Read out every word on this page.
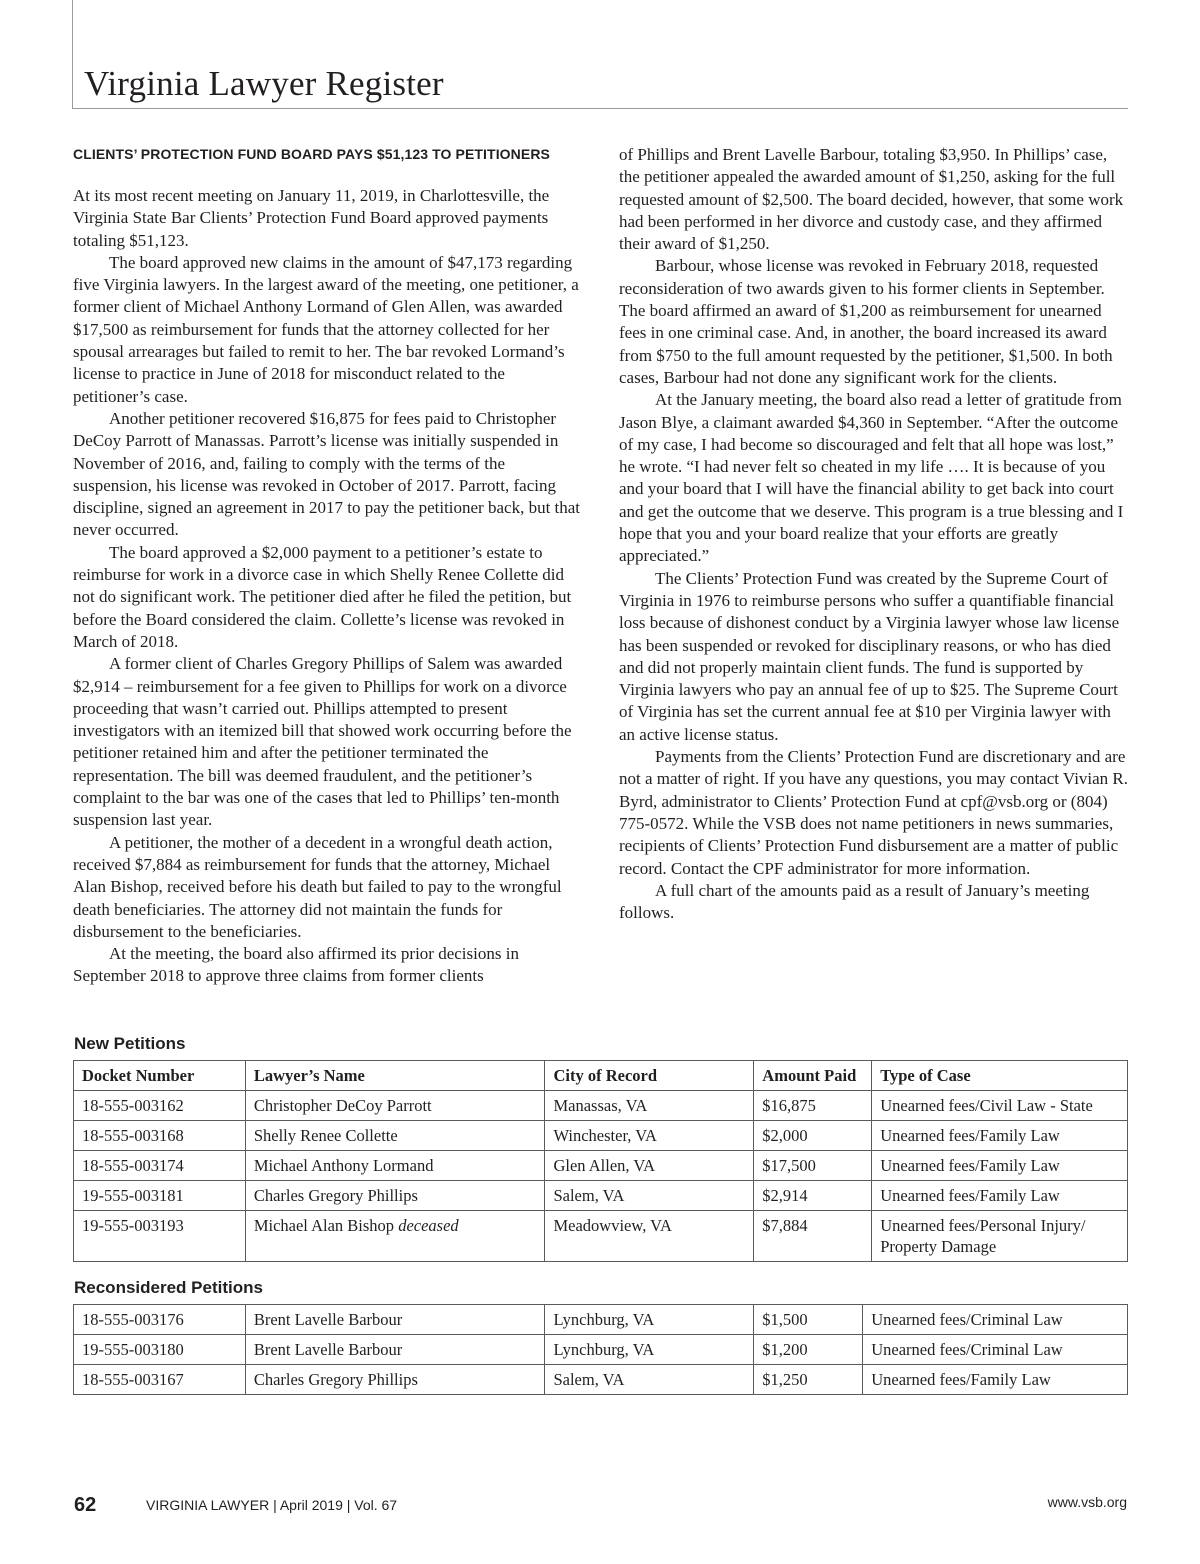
Virginia Lawyer Register
CLIENTS’ PROTECTION FUND BOARD PAYS $51,123 TO PETITIONERS

At its most recent meeting on January 11, 2019, in Charlottesville, the Virginia State Bar Clients’ Protection Fund Board approved payments totaling $51,123.

The board approved new claims in the amount of $47,173 regarding five Virginia lawyers. In the largest award of the meeting, one petitioner, a former client of Michael Anthony Lormand of Glen Allen, was awarded $17,500 as reimbursement for funds that the attorney collected for her spousal arrearages but failed to remit to her. The bar revoked Lormand’s license to practice in June of 2018 for misconduct related to the petitioner’s case.

Another petitioner recovered $16,875 for fees paid to Christopher DeCoy Parrott of Manassas. Parrott’s license was initially suspended in November of 2016, and, failing to comply with the terms of the suspension, his license was revoked in October of 2017. Parrott, facing discipline, signed an agreement in 2017 to pay the petitioner back, but that never occurred.

The board approved a $2,000 payment to a petitioner’s estate to reimburse for work in a divorce case in which Shelly Renee Collette did not do significant work. The petitioner died after he filed the petition, but before the Board considered the claim. Collette’s license was revoked in March of 2018.

A former client of Charles Gregory Phillips of Salem was awarded $2,914 – reimbursement for a fee given to Phillips for work on a divorce proceeding that wasn’t carried out. Phillips attempted to present investigators with an itemized bill that showed work occurring before the petitioner retained him and after the petitioner terminated the representation. The bill was deemed fraudulent, and the petitioner’s complaint to the bar was one of the cases that led to Phillips’ ten-month suspension last year.

A petitioner, the mother of a decedent in a wrongful death action, received $7,884 as reimbursement for funds that the attorney, Michael Alan Bishop, received before his death but failed to pay to the wrongful death beneficiaries. The attorney did not maintain the funds for disbursement to the beneficiaries.

At the meeting, the board also affirmed its prior decisions in September 2018 to approve three claims from former clients

of Phillips and Brent Lavelle Barbour, totaling $3,950. In Phillips’ case, the petitioner appealed the awarded amount of $1,250, asking for the full requested amount of $2,500. The board decided, however, that some work had been performed in her divorce and custody case, and they affirmed their award of $1,250.

Barbour, whose license was revoked in February 2018, requested reconsideration of two awards given to his former clients in September. The board affirmed an award of $1,200 as reimbursement for unearned fees in one criminal case. And, in another, the board increased its award from $750 to the full amount requested by the petitioner, $1,500. In both cases, Barbour had not done any significant work for the clients.

At the January meeting, the board also read a letter of gratitude from Jason Blye, a claimant awarded $4,360 in September. “After the outcome of my case, I had become so discouraged and felt that all hope was lost,” he wrote. “I had never felt so cheated in my life …. It is because of you and your board that I will have the financial ability to get back into court and get the outcome that we deserve. This program is a true blessing and I hope that you and your board realize that your efforts are greatly appreciated.”

The Clients’ Protection Fund was created by the Supreme Court of Virginia in 1976 to reimburse persons who suffer a quantifiable financial loss because of dishonest conduct by a Virginia lawyer whose law license has been suspended or revoked for disciplinary reasons, or who has died and did not properly maintain client funds. The fund is supported by Virginia lawyers who pay an annual fee of up to $25. The Supreme Court of Virginia has set the current annual fee at $10 per Virginia lawyer with an active license status.

Payments from the Clients’ Protection Fund are discretionary and are not a matter of right. If you have any questions, you may contact Vivian R. Byrd, administrator to Clients’ Protection Fund at cpf@vsb.org or (804) 775-0572. While the VSB does not name petitioners in news summaries, recipients of Clients’ Protection Fund disbursement are a matter of public record. Contact the CPF administrator for more information.

A full chart of the amounts paid as a result of January’s meeting follows.

New Petitions
Docket Number	Lawyer’s Name	City of Record	Amount Paid	Type of Case
18-555-003162	Christopher DeCoy Parrott	Manassas, VA	$16,875	Unearned fees/Civil Law - State
18-555-003168	Shelly Renee Collette	Winchester, VA	$2,000	Unearned fees/Family Law
18-555-003174	Michael Anthony Lormand	Glen Allen, VA	$17,500	Unearned fees/Family Law
19-555-003181	Charles Gregory Phillips	Salem, VA	$2,914	Unearned fees/Family Law
19-555-003193	Michael Alan Bishop deceased	Meadowview, VA	$7,884	Unearned fees/Personal Injury/ Property Damage
Reconsidered Petitions
18-555-003176	Brent Lavelle Barbour	Lynchburg, VA	$1,500	Unearned fees/Criminal Law
19-555-003180	Brent Lavelle Barbour	Lynchburg, VA	$1,200	Unearned fees/Criminal Law
18-555-003167	Charles Gregory Phillips	Salem, VA	$1,250	Unearned fees/Family Law
62	VIRGINIA LAWYER | April 2019 | Vol. 67	www.vsb.org
